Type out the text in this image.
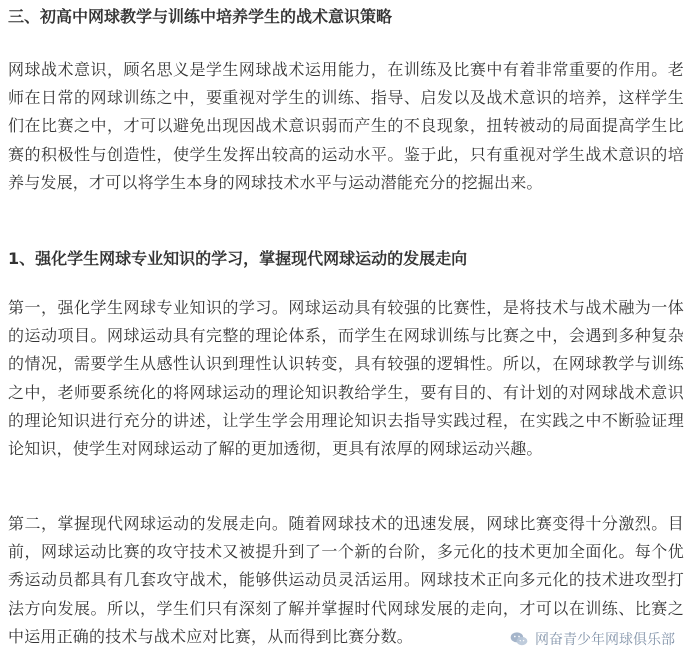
三、初高中网球教学与训练中培养学生的战术意识策略

网球战术意识，顾名思义是学生网球战术运用能力，在训练及比赛中有着非常重要的作用。老师在日常的网球训练之中，要重视对学生的训练、指导、启发以及战术意识的培养，这样学生们在比赛之中，才可以避免出现因战术意识弱而产生的不良现象，扭转被动的局面提高学生比赛的积极性与创造性，使学生发挥出较高的运动水平。鉴于此，只有重视对学生战术意识的培养与发展，才可以将学生本身的网球技术水平与运动潜能充分的挖掘出来。

1、强化学生网球专业知识的学习，掌握现代网球运动的发展走向

第一，强化学生网球专业知识的学习。网球运动具有较强的比赛性，是将技术与战术融为一体的运动项目。网球运动具有完整的理论体系，而学生在网球训练与比赛之中，会遇到多种复杂的情况，需要学生从感性认识到理性认识转变，具有较强的逻辑性。所以，在网球教学与训练之中，老师要系统化的将网球运动的理论知识教给学生，要有目的、有计划的对网球战术意识的理论知识进行充分的讲述，让学生学会用理论知识去指导实践过程，在实践之中不断验证理论知识，使学生对网球运动了解的更加透彻，更具有浓厚的网球运动兴趣。

第二，掌握现代网球运动的发展走向。随着网球技术的迅速发展，网球比赛变得十分激烈。目前，网球运动比赛的攻守技术又被提升到了一个新的台阶，多元化的技术更加全面化。每个优秀运动员都具有几套攻守战术，能够供运动员灵活运用。网球技术正向多元化的技术进攻型打法方向发展。所以，学生们只有深刻了解并掌握时代网球发展的走向，才可以在训练、比赛之中运用正确的技术与战术应对比赛，从而得到比赛分数。	网奋青少年网球俱乐部
